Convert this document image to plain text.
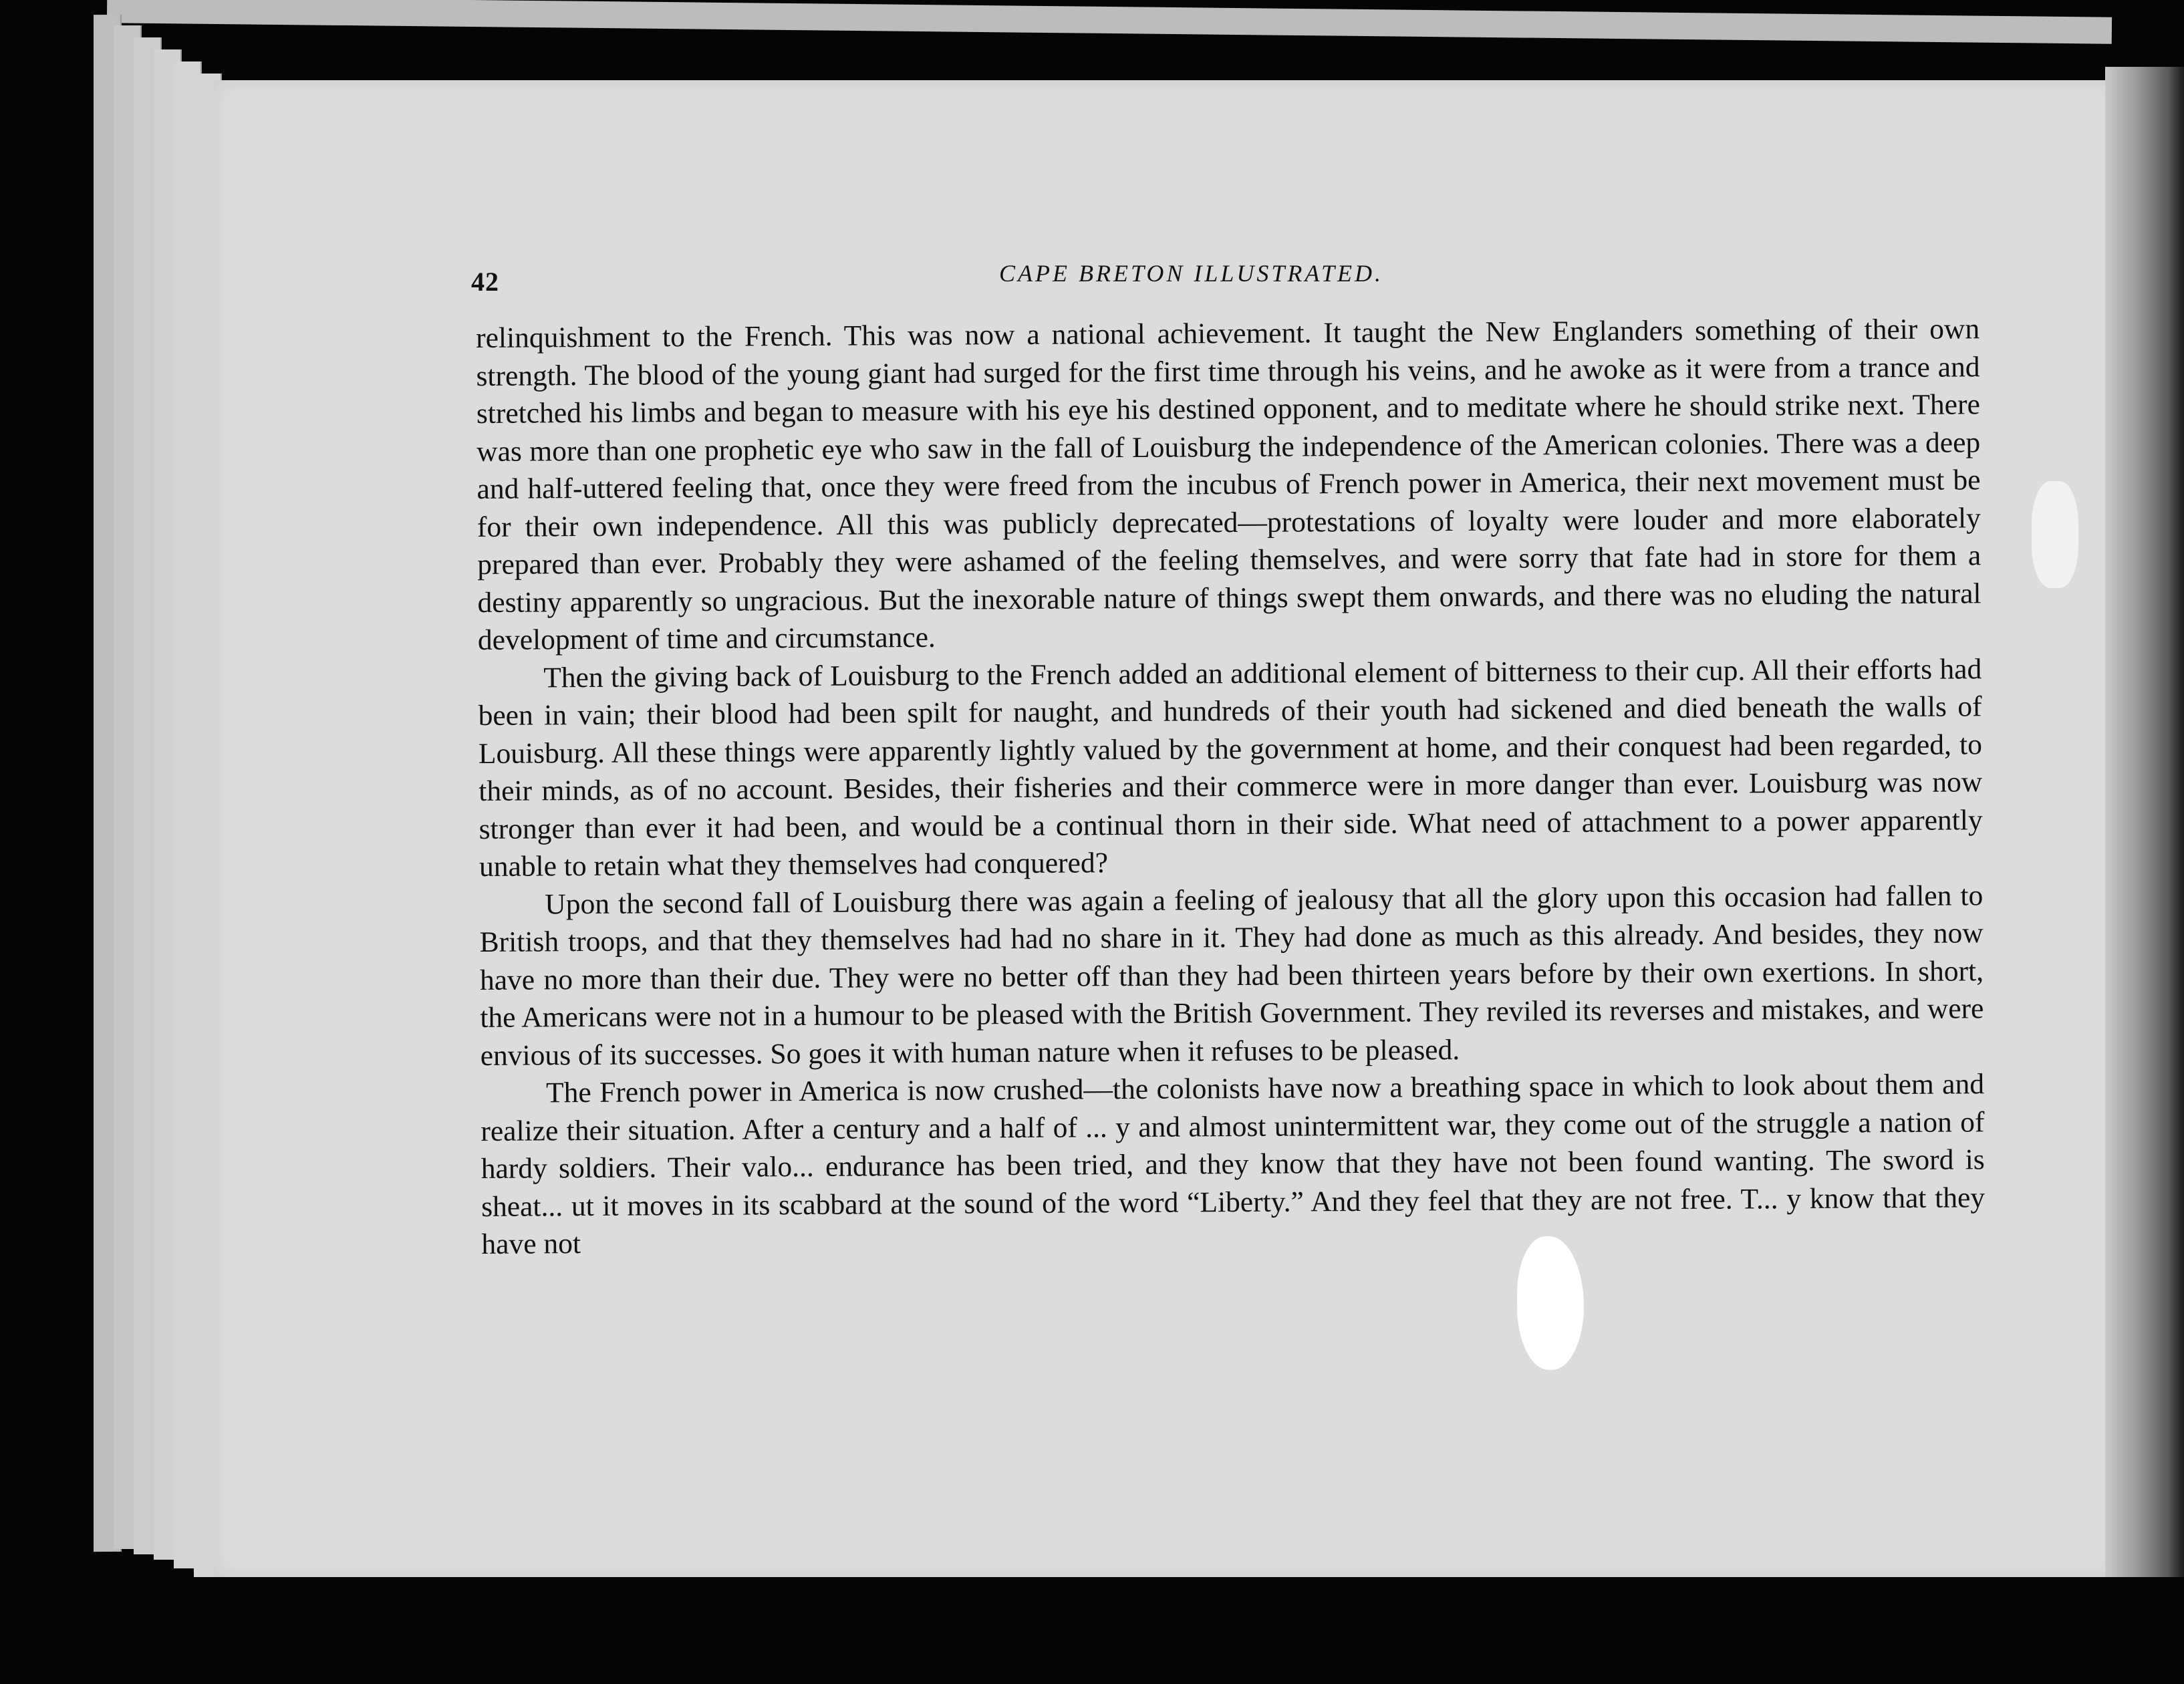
42	CAPE BRETON ILLUSTRATED.

relinquishment to the French. This was now a national achievement. It taught the New Englanders something of their own strength. The blood of the young giant had surged for the first time through his veins, and he awoke as it were from a trance and stretched his limbs and began to measure with his eye his destined opponent, and to meditate where he should strike next. There was more than one prophetic eye who saw in the fall of Louisburg the independence of the American colonies. There was a deep and half-uttered feeling that, once they were freed from the incubus of French power in America, their next movement must be for their own independence. All this was publicly deprecated—protestations of loyalty were louder and more elaborately prepared than ever. Probably they were ashamed of the feeling themselves, and were sorry that fate had in store for them a destiny apparently so ungracious. But the inexorable nature of things swept them onwards, and there was no eluding the natural development of time and circumstance.

Then the giving back of Louisburg to the French added an additional element of bitterness to their cup. All their efforts had been in vain; their blood had been spilt for naught, and hundreds of their youth had sickened and died beneath the walls of Louisburg. All these things were apparently lightly valued by the government at home, and their conquest had been regarded, to their minds, as of no account. Besides, their fisheries and their commerce were in more danger than ever. Louisburg was now stronger than ever it had been, and would be a continual thorn in their side. What need of attachment to a power apparently unable to retain what they themselves had conquered?

Upon the second fall of Louisburg there was again a feeling of jealousy that all the glory upon this occasion had fallen to British troops, and that they themselves had had no share in it. They had done as much as this already. And besides, they now have no more than their due. They were no better off than they had been thirteen years before by their own exertions. In short, the Americans were not in a humour to be pleased with the British Government. They reviled its reverses and mistakes, and were envious of its successes. So goes it with human nature when it refuses to be pleased.

The French power in America is now crushed—the colonists have now a breathing space in which to look about them and realize their situation. After a century and a half of ... y and almost unintermittent war, they come out of the struggle a nation of hardy soldiers. Their valo... endurance has been tried, and they know that they have not been found wanting. The sword is sheat... ut it moves in its scabbard at the sound of the word “Liberty.” And they feel that they are not free. T... y know that they have not
